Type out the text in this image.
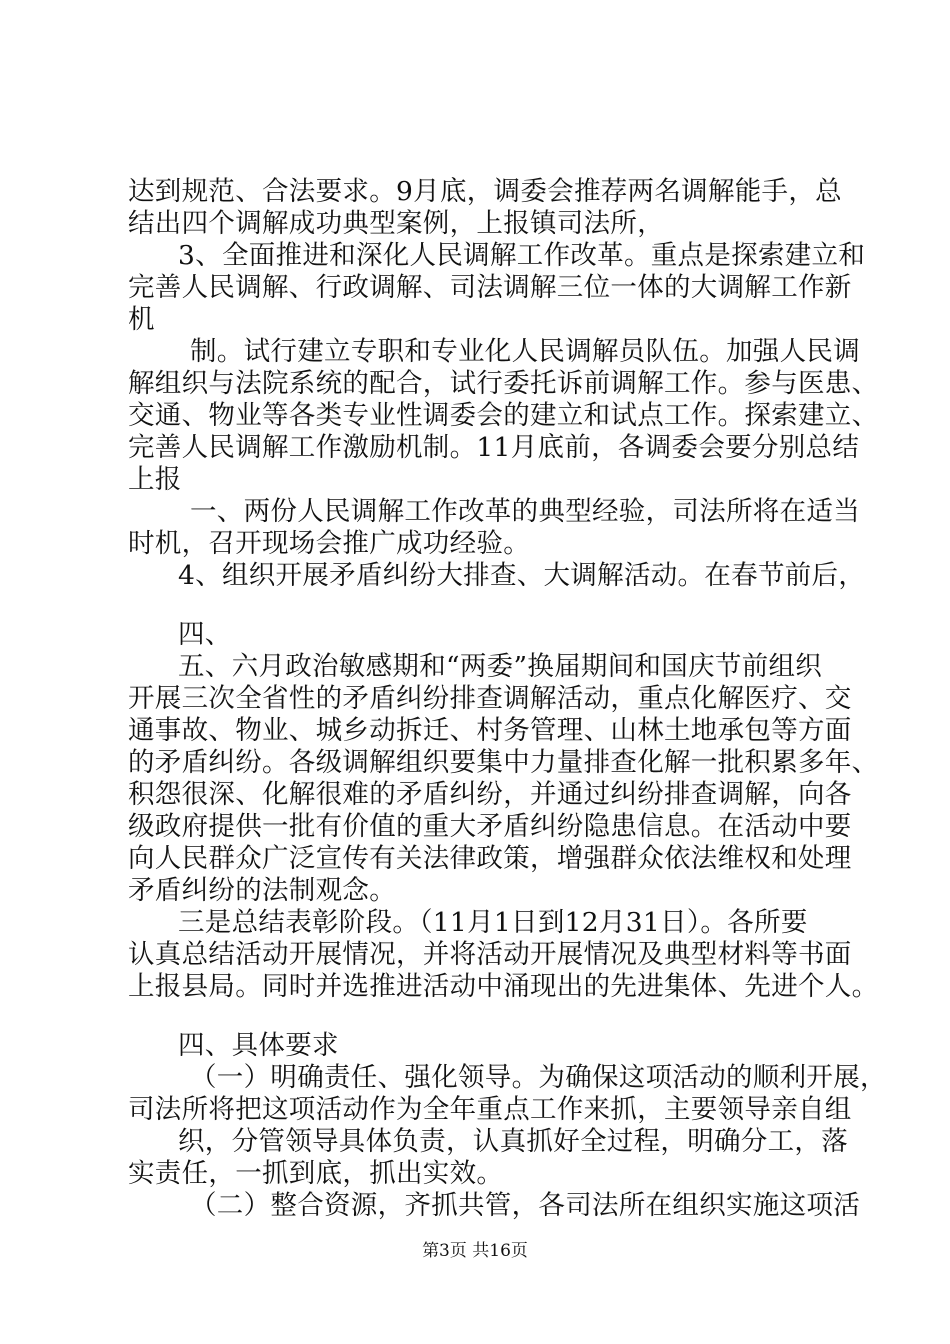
达到规范、合法要求。9月底，调委会推荐两名调解能手，总
结出四个调解成功典型案例，上报镇司法所，
3、全面推进和深化人民调解工作改革。重点是探索建立和
完善人民调解、行政调解、司法调解三位一体的大调解工作新
机
制。试行建立专职和专业化人民调解员队伍。加强人民调
解组织与法院系统的配合，试行委托诉前调解工作。参与医患、
交通、物业等各类专业性调委会的建立和试点工作。探索建立、
完善人民调解工作激励机制。11月底前，各调委会要分别总结
上报
一、两份人民调解工作改革的典型经验，司法所将在适当
时机，召开现场会推广成功经验。
4、组织开展矛盾纠纷大排查、大调解活动。在春节前后，
四、
五、六月政治敏感期和“两委”换届期间和国庆节前组织
开展三次全省性的矛盾纠纷排查调解活动，重点化解医疗、交
通事故、物业、城乡动拆迁、村务管理、山林土地承包等方面
的矛盾纠纷。各级调解组织要集中力量排查化解一批积累多年、
积怨很深、化解很难的矛盾纠纷，并通过纠纷排查调解，向各
级政府提供一批有价值的重大矛盾纠纷隐患信息。在活动中要
向人民群众广泛宣传有关法律政策，增强群众依法维权和处理
矛盾纠纷的法制观念。
三是总结表彰阶段。（11月1日到12月31日）。各所要
认真总结活动开展情况，并将活动开展情况及典型材料等书面
上报县局。同时并选推进活动中涌现出的先进集体、先进个人。
四、具体要求
（一）明确责任、强化领导。为确保这项活动的顺利开展，
司法所将把这项活动作为全年重点工作来抓，主要领导亲自组
织，分管领导具体负责，认真抓好全过程，明确分工，落
实责任，一抓到底，抓出实效。
（二）整合资源，齐抓共管，各司法所在组织实施这项活
第3页 共16页
